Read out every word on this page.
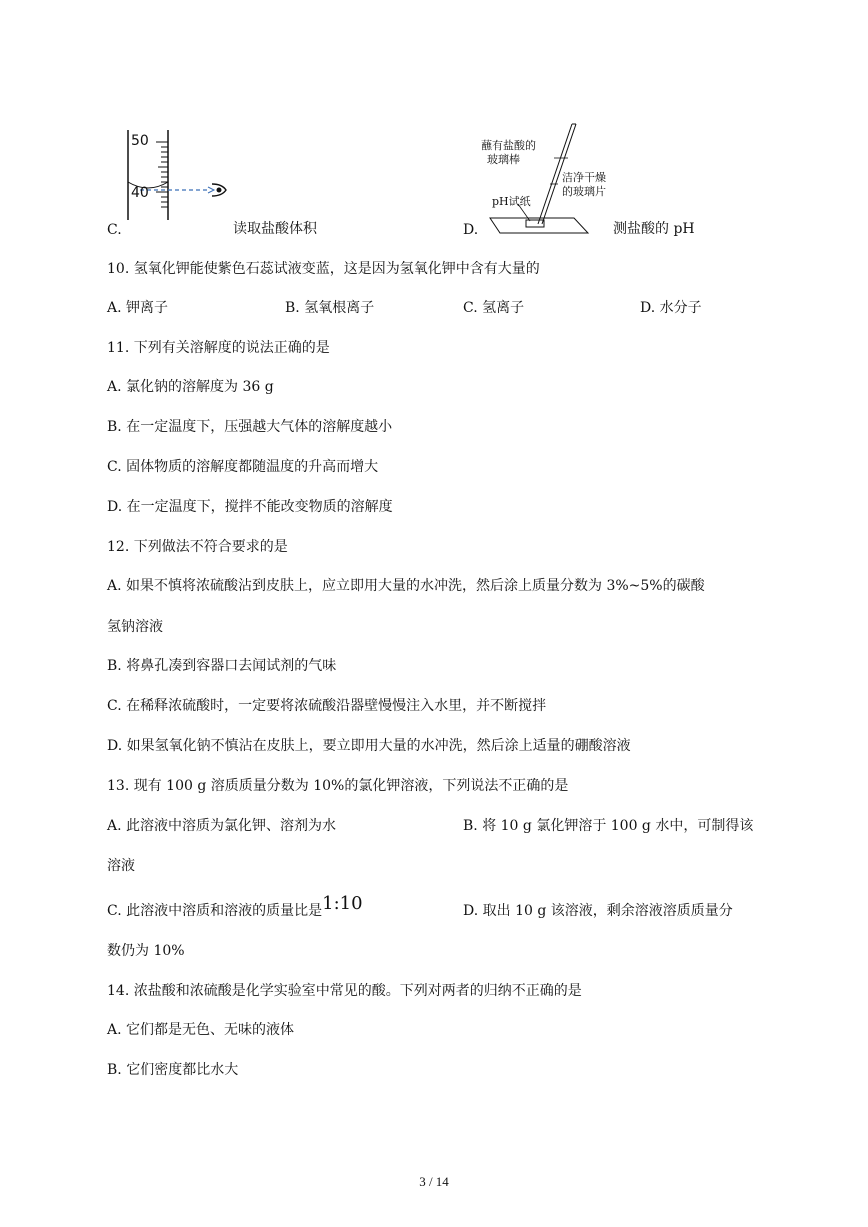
50
40
C.	读取盐酸体积
蘸有盐酸的
玻璃棒
洁净干燥
的玻璃片
pH试纸
D.	测盐酸的 pH
10. 氢氧化钾能使紫色石蕊试液变蓝，这是因为氢氧化钾中含有大量的
A. 钾离子	B. 氢氧根离子	C. 氢离子	D. 水分子
11. 下列有关溶解度的说法正确的是
A. 氯化钠的溶解度为 36 g
B. 在一定温度下，压强越大气体的溶解度越小
C. 固体物质的溶解度都随温度的升高而增大
D. 在一定温度下，搅拌不能改变物质的溶解度
12. 下列做法不符合要求的是
A. 如果不慎将浓硫酸沾到皮肤上，应立即用大量的水冲洗，然后涂上质量分数为 3%~5%的碳酸
氢钠溶液
B. 将鼻孔凑到容器口去闻试剂的气味
C. 在稀释浓硫酸时，一定要将浓硫酸沿器壁慢慢注入水里，并不断搅拌
D. 如果氢氧化钠不慎沾在皮肤上，要立即用大量的水冲洗，然后涂上适量的硼酸溶液
13. 现有 100 g 溶质质量分数为 10%的氯化钾溶液，下列说法不正确的是
A. 此溶液中溶质为氯化钾、溶剂为水	B. 将 10 g 氯化钾溶于 100 g 水中，可制得该
溶液
C. 此溶液中溶质和溶液的质量比是1:10	D. 取出 10 g 该溶液，剩余溶液溶质质量分
数仍为 10%
14. 浓盐酸和浓硫酸是化学实验室中常见的酸。下列对两者的归纳不正确的是
A. 它们都是无色、无味的液体
B. 它们密度都比水大
3 / 14
